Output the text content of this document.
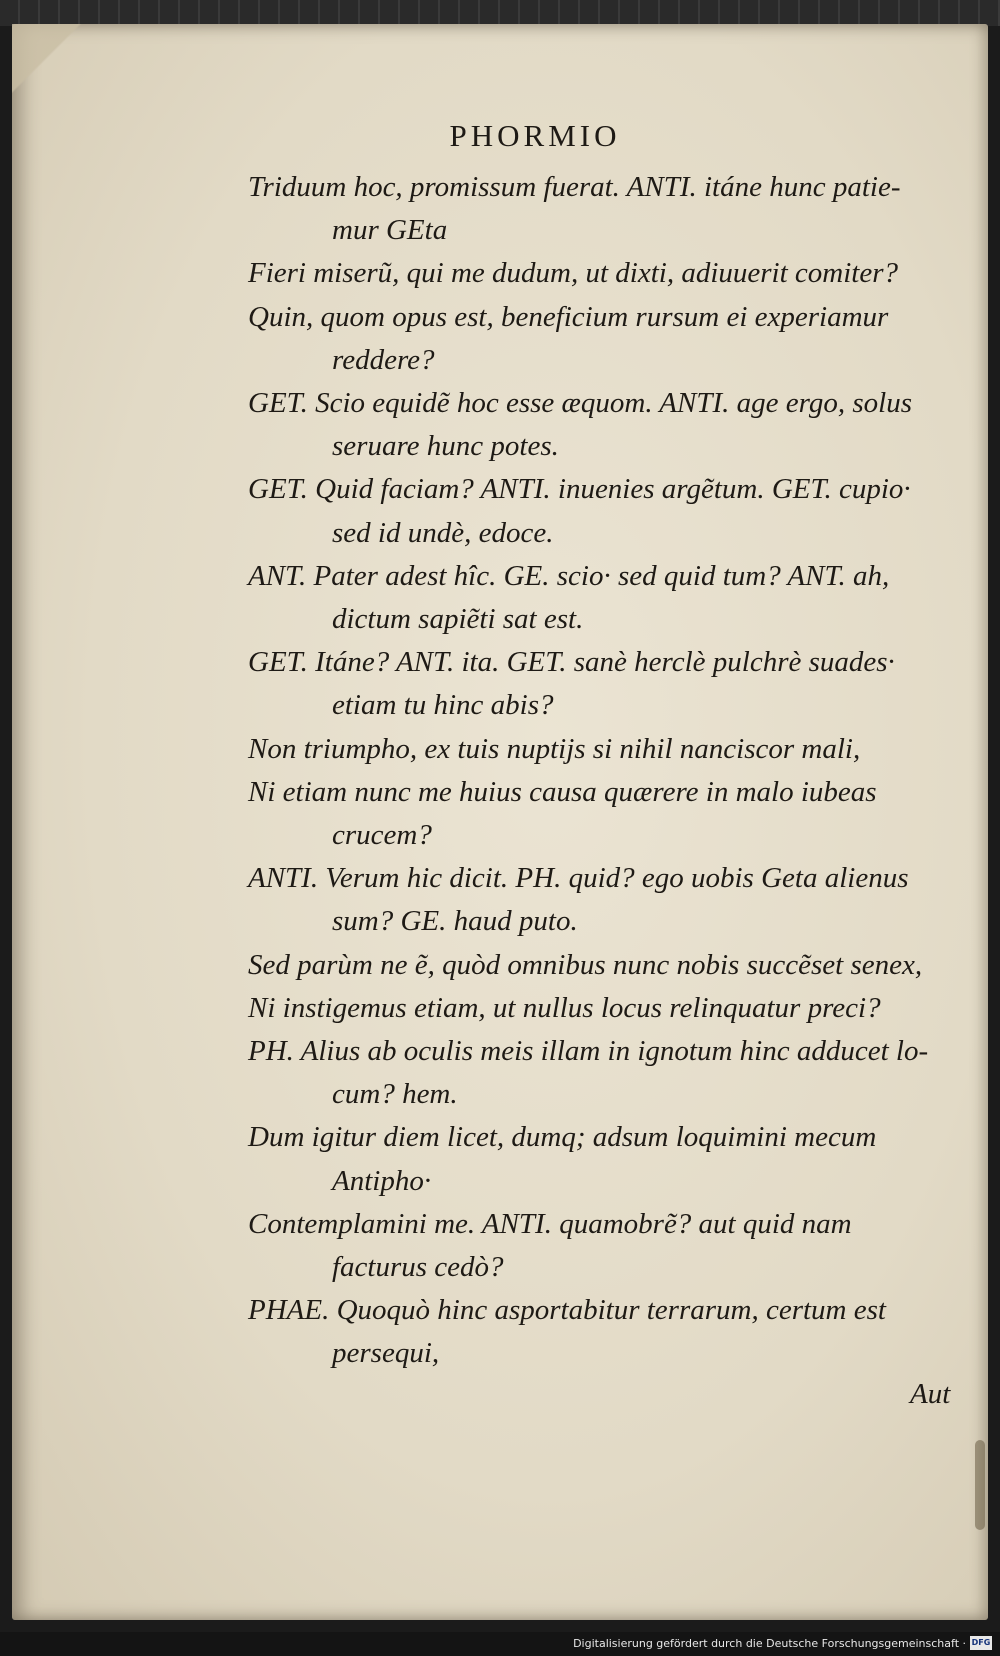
PHORMIO

Triduum hoc, promissum fuerat. ANTI. itáne hunc patie-
mur GEta

Fieri miserũ, qui me dudum, ut dixti, adiuuerit comiter?

Quin, quom opus est, beneficium rursum ei experiamur
reddere?

GET. Scio equidẽ hoc esse æquom. ANTI. age ergo, solus
seruare hunc potes.

GET. Quid faciam? ANTI. inuenies argẽtum. GET. cupio·
sed id undè, edoce.

ANT. Pater adest hîc. GE. scio· sed quid tum? ANT. ah,
dictum sapiẽti sat est.

GET. Itáne? ANT. ita. GET. sanè herclè pulchrè suades·
etiam tu hinc abis?

Non triumpho, ex tuis nuptijs si nihil nanciscor mali,

Ni etiam nunc me huius causa quærere in malo iubeas
crucem?

ANTI. Verum hic dicit. PH. quid? ego uobis Geta alienus
sum? GE. haud puto.

Sed parùm ne ẽ, quòd omnibus nunc nobis succẽset senex,

Ni instigemus etiam, ut nullus locus relinquatur preci?

PH. Alius ab oculis meis illam in ignotum hinc adducet lo-
cum? hem.

Dum igitur diem licet, dumq; adsum loquimini mecum
Antipho·

Contemplamini me. ANTI. quamobrẽ? aut quid nam
facturus cedò?

PHAE. Quoquò hinc asportabitur terrarum, certum est
persequi,

Aut
Digitalisierung gefördert durch die Deutsche Forschungsgemeinschaft · DFG
